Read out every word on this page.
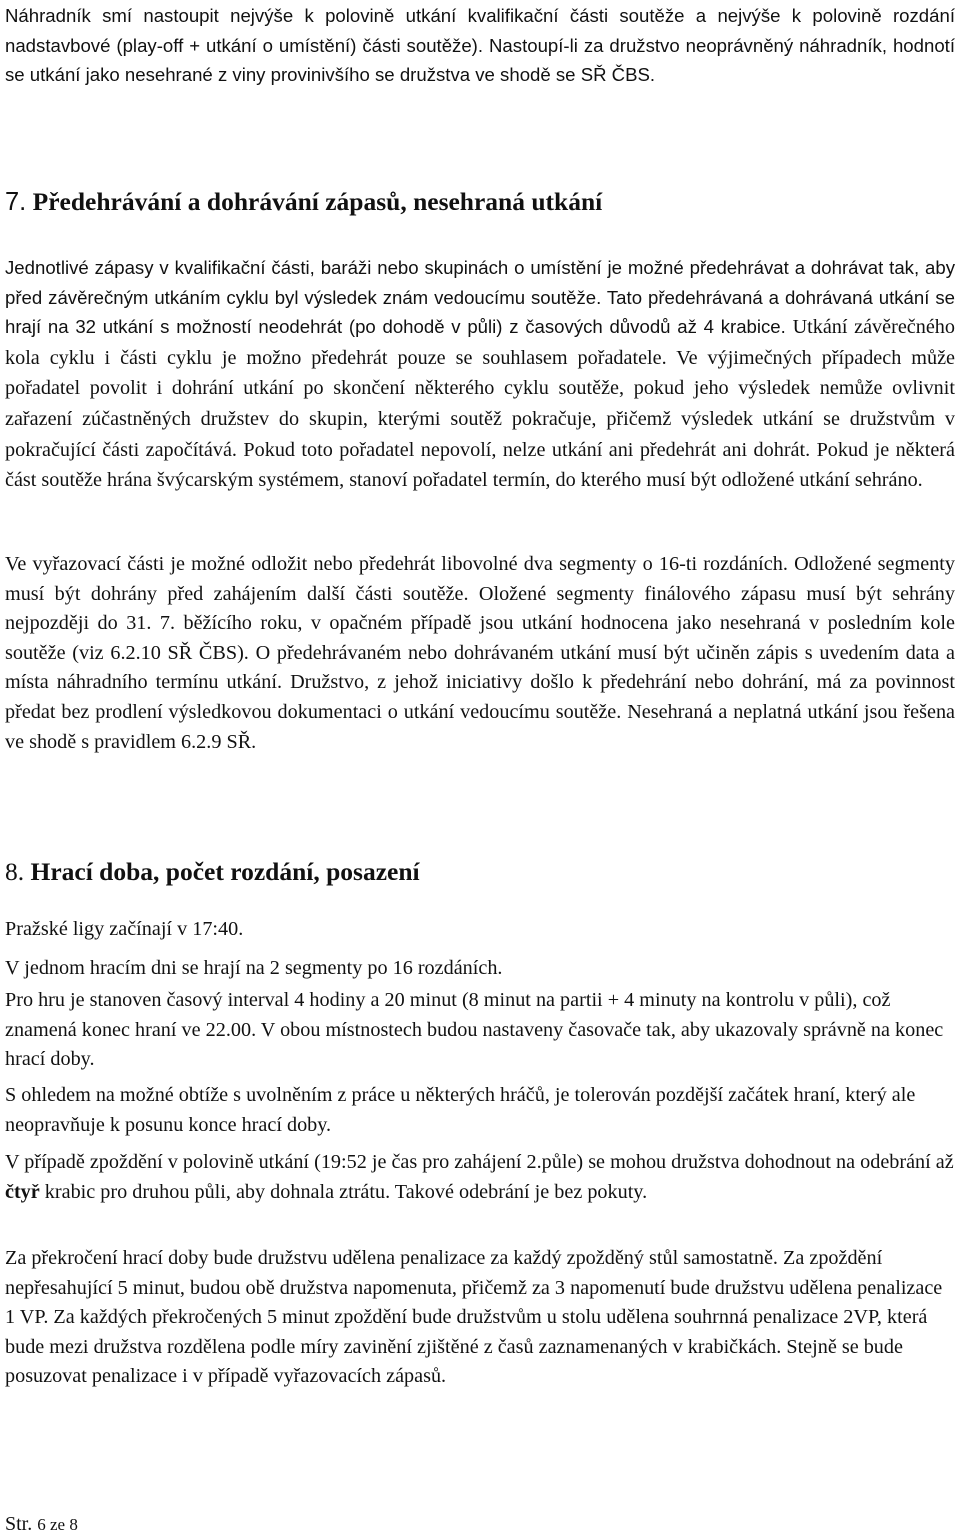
Náhradník smí nastoupit nejvýše k polovině utkání kvalifikační části soutěže a nejvýše k polovině rozdání nadstavbové (play-off + utkání o umístění) části soutěže). Nastoupí-li za družstvo neoprávněný náhradník, hodnotí se utkání jako nesehrané z viny provinivšího se družstva ve shodě se SŘ ČBS.

7. Předehrávání a dohrávání zápasů, nesehraná utkání

Jednotlivé zápasy v kvalifikační části, baráži nebo skupinách o umístění je možné předehrávat a dohrávat tak, aby před závěrečným utkáním cyklu byl výsledek znám vedoucímu soutěže. Tato předehrávaná a dohrávaná utkání se hrají na 32 utkání s možností neodehrát (po dohodě v půli) z časových důvodů až 4 krabice. Utkání závěrečného kola cyklu i části cyklu je možno předehrát pouze se souhlasem pořadatele. Ve výjimečných případech může pořadatel povolit i dohrání utkání po skončení některého cyklu soutěže, pokud jeho výsledek nemůže ovlivnit zařazení zúčastněných družstev do skupin, kterými soutěž pokračuje, přičemž výsledek utkání se družstvům v pokračující části započítává. Pokud toto pořadatel nepovolí, nelze utkání ani předehrát ani dohrát. Pokud je některá část soutěže hrána švýcarským systémem, stanoví pořadatel termín, do kterého musí být odložené utkání sehráno.

Ve vyřazovací části je možné odložit nebo předehrát libovolné dva segmenty o 16-ti rozdáních. Odložené segmenty musí být dohrány před zahájením další části soutěže. Oložené segmenty finálového zápasu musí být sehrány nejpozději do 31. 7. běžícího roku, v opačném případě jsou utkání hodnocena jako nesehraná v posledním kole soutěže (viz 6.2.10 SŘ ČBS). O předehrávaném nebo dohrávaném utkání musí být učiněn zápis s uvedením data a místa náhradního termínu utkání. Družstvo, z jehož iniciativy došlo k předehrání nebo dohrání, má za povinnost předat bez prodlení výsledkovou dokumentaci o utkání vedoucímu soutěže. Nesehraná a neplatná utkání jsou řešena ve shodě s pravidlem 6.2.9 SŘ.

8. Hrací doba, počet rozdání, posazení

Pražské ligy začínají v 17:40.

V jednom hracím dni se hrají na 2 segmenty po 16 rozdáních.

Pro hru je stanoven časový interval 4 hodiny a 20 minut (8 minut na partii + 4 minuty na kontrolu v půli), což znamená konec hraní ve 22.00. V obou místnostech budou nastaveny časovače tak, aby ukazovaly správně na konec hrací doby.

S ohledem na možné obtíže s uvolněním z práce u některých hráčů, je tolerován pozdější začátek hraní, který ale neopravňuje k posunu konce hrací doby.

V případě zpoždění v polovině utkání (19:52 je čas pro zahájení 2.půle) se mohou družstva dohodnout na odebrání až čtyř krabic pro druhou půli, aby dohnala ztrátu. Takové odebrání je bez pokuty.

Za překročení hrací doby bude družstvu udělena penalizace za každý zpožděný stůl samostatně. Za zpoždění nepřesahující 5 minut, budou obě družstva napomenuta, přičemž za 3 napomenutí bude družstvu udělena penalizace 1 VP. Za každých překročených 5 minut zpoždění bude družstvům u stolu udělena souhrnná penalizace 2VP, která bude mezi družstva rozdělena podle míry zavinění zjištěné z časů zaznamenaných v krabičkách. Stejně se bude posuzovat penalizace i v případě vyřazovacích zápasů.

Str. 6 ze 8
